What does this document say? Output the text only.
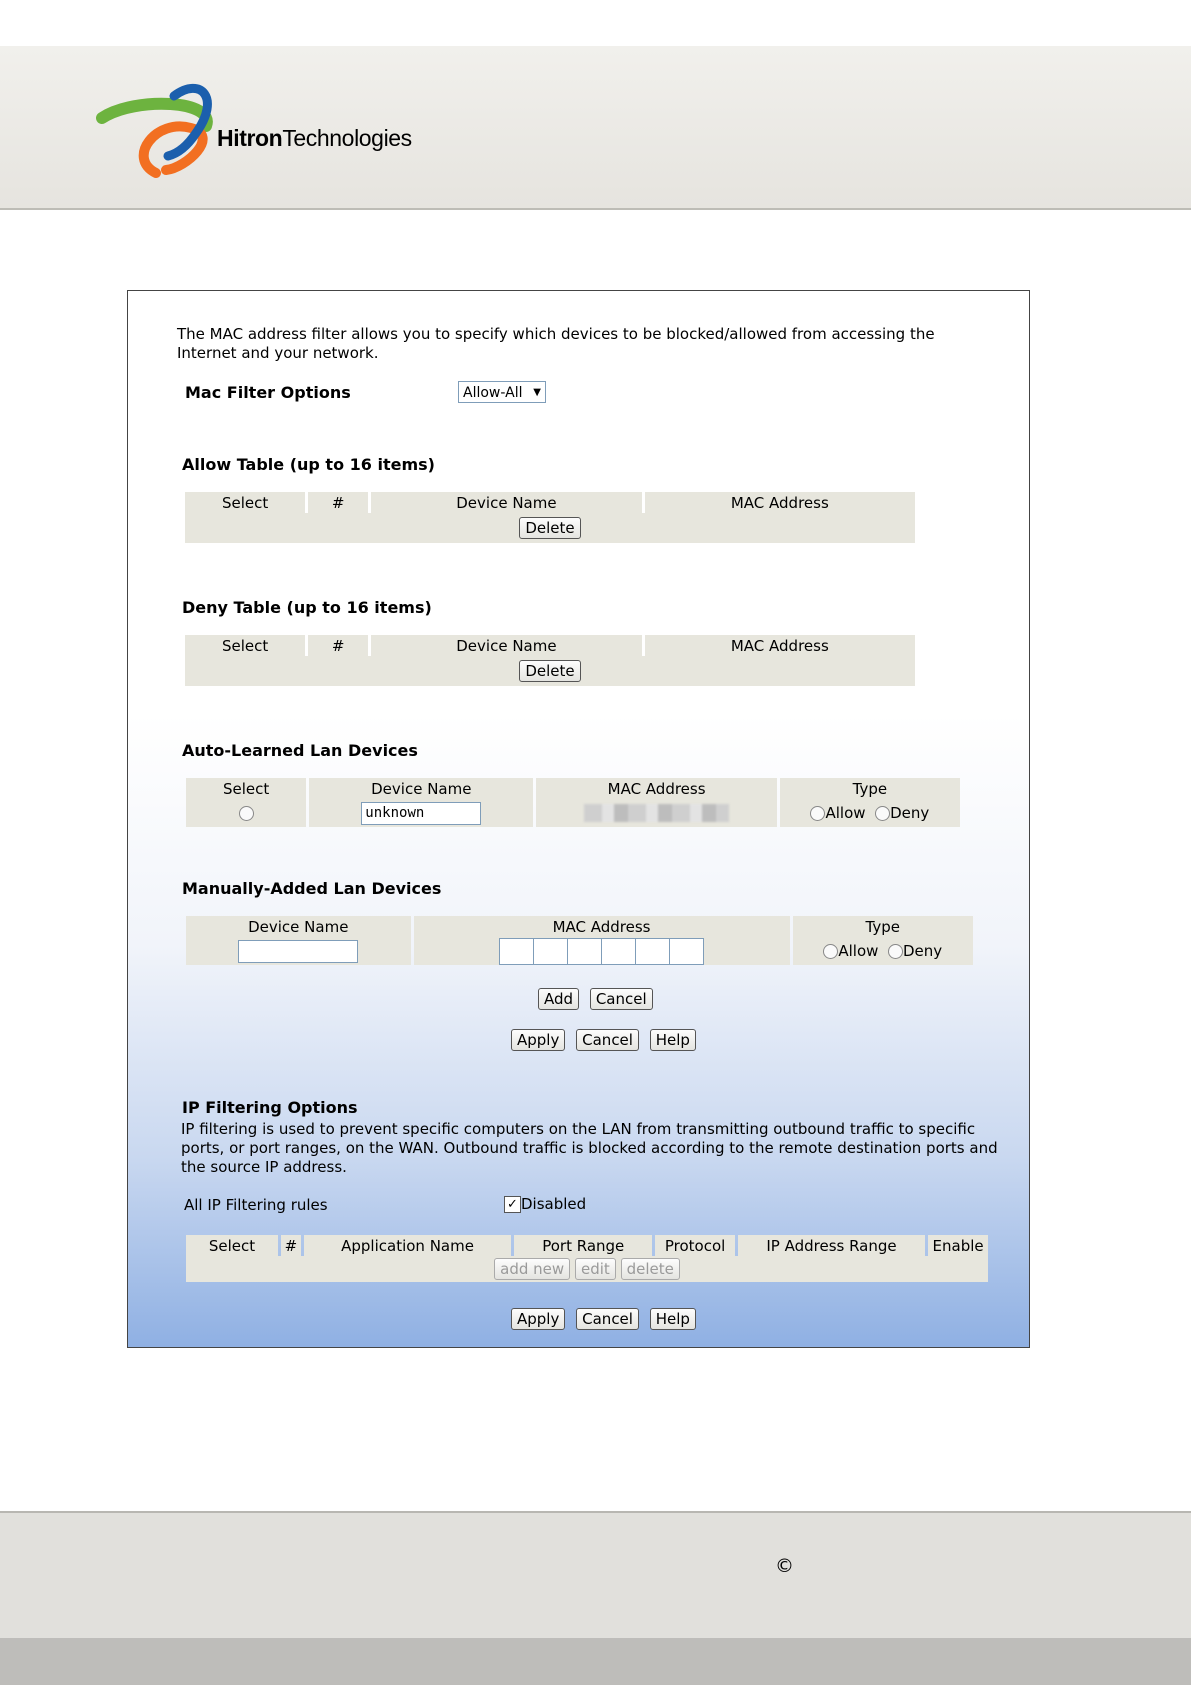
HitronTechnologies
The MAC address filter allows you to specify which devices to be blocked/allowed from accessing the Internet and your network.
Mac Filter Options	Allow-All ▼
Allow Table (up to 16 items)
Select	#	Device Name	MAC Address
Delete
Deny Table (up to 16 items)
Select	#	Device Name	MAC Address
Delete
Auto-Learned Lan Devices
Select	Device Name	MAC Address	Type
	unknown		Allow Deny
Manually-Added Lan Devices
Device Name	MAC Address	Type
		Allow Deny
Add Cancel
Apply Cancel Help
IP Filtering Options
IP filtering is used to prevent specific computers on the LAN from transmitting outbound traffic to specific ports, or port ranges, on the WAN. Outbound traffic is blocked according to the remote destination ports and the source IP address.
All IP Filtering rules	✓ Disabled
Select	#	Application Name	Port Range	Protocol	IP Address Range	Enable
add new edit delete
Apply Cancel Help
©
